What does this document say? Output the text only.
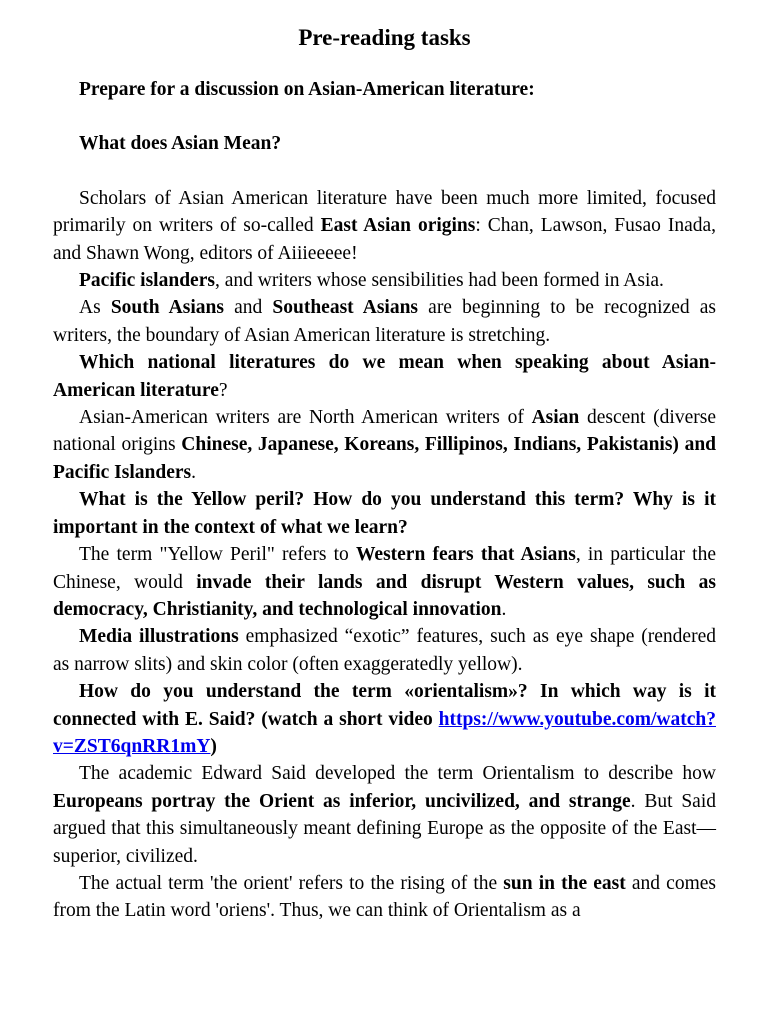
Pre-reading tasks
Prepare for a discussion on Asian-American literature:
What does Asian Mean?

Scholars of Asian American literature have been much more limited, focused primarily on writers of so-called East Asian origins: Chan, Lawson, Fusao Inada, and Shawn Wong, editors of Aiiieeeee!

Pacific islanders, and writers whose sensibilities had been formed in Asia.

As South Asians and Southeast Asians are beginning to be recognized as writers, the boundary of Asian American literature is stretching.

Which national literatures do we mean when speaking about Asian-American literature?

Asian-American writers are North American writers of Asian descent (diverse national origins Chinese, Japanese, Koreans, Fillipinos, Indians, Pakistanis) and Pacific Islanders.

What is the Yellow peril? How do you understand this term? Why is it important in the context of what we learn?

The term "Yellow Peril" refers to Western fears that Asians, in particular the Chinese, would invade their lands and disrupt Western values, such as democracy, Christianity, and technological innovation.

Media illustrations emphasized “exotic” features, such as eye shape (rendered as narrow slits) and skin color (often exaggeratedly yellow).

How do you understand the term «orientalism»? In which way is it connected with E. Said? (watch a short video https://www.youtube.com/watch?v=ZST6qnRR1mY)

The academic Edward Said developed the term Orientalism to describe how Europeans portray the Orient as inferior, uncivilized, and strange. But Said argued that this simultaneously meant defining Europe as the opposite of the East—superior, civilized.

The actual term 'the orient' refers to the rising of the sun in the east and comes from the Latin word 'oriens'. Thus, we can think of Orientalism as a
